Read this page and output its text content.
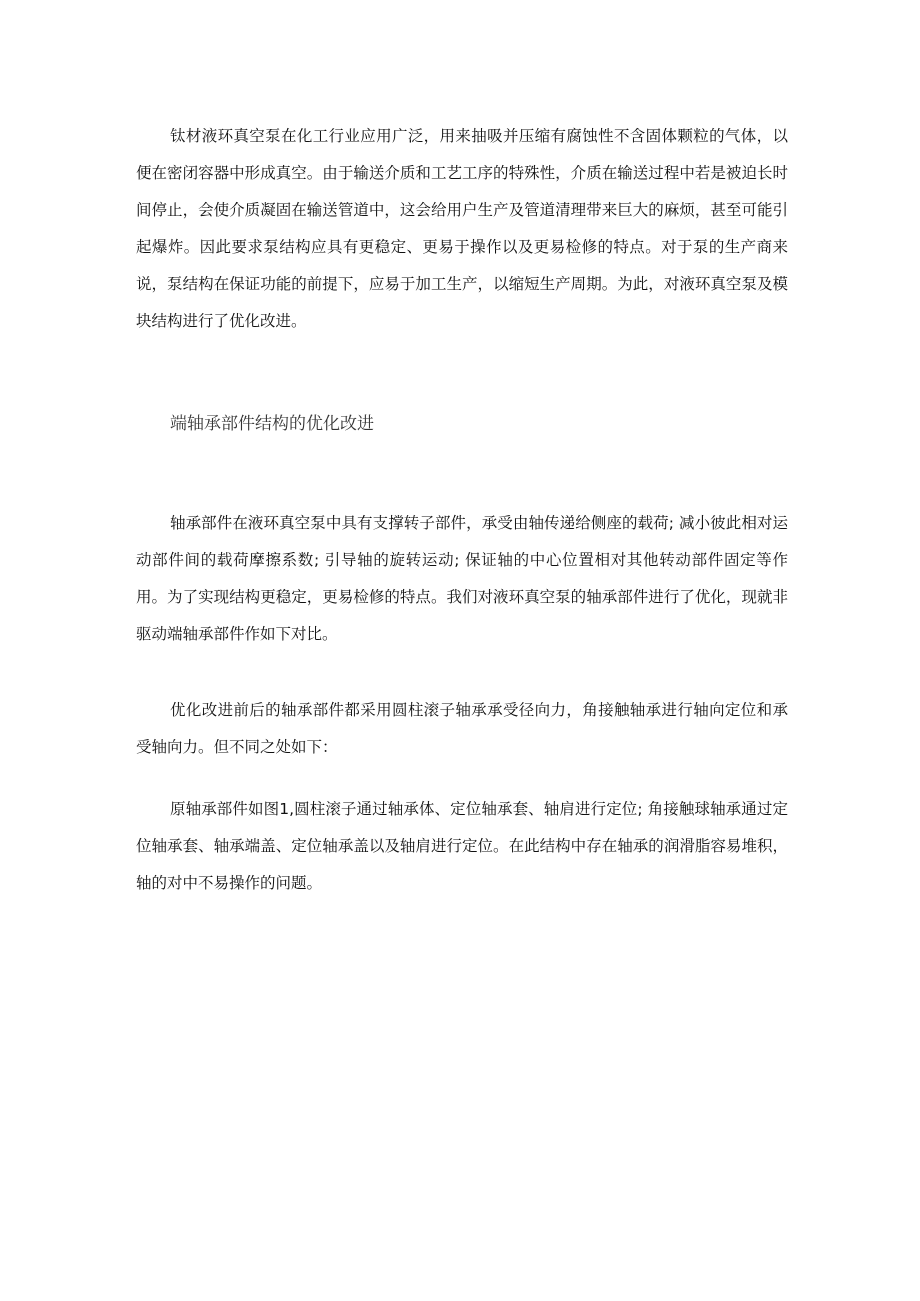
钛材液环真空泵在化工行业应用广泛，用来抽吸并压缩有腐蚀性不含固体颗粒的气体，以便在密闭容器中形成真空。由于输送介质和工艺工序的特殊性，介质在输送过程中若是被迫长时间停止，会使介质凝固在输送管道中，这会给用户生产及管道清理带来巨大的麻烦，甚至可能引起爆炸。因此要求泵结构应具有更稳定、更易于操作以及更易检修的特点。对于泵的生产商来说，泵结构在保证功能的前提下，应易于加工生产，以缩短生产周期。为此，对液环真空泵及模块结构进行了优化改进。

端轴承部件结构的优化改进

轴承部件在液环真空泵中具有支撑转子部件，承受由轴传递给侧座的载荷; 减小彼此相对运动部件间的载荷摩擦系数; 引导轴的旋转运动; 保证轴的中心位置相对其他转动部件固定等作用。为了实现结构更稳定，更易检修的特点。我们对液环真空泵的轴承部件进行了优化，现就非驱动端轴承部件作如下对比。

优化改进前后的轴承部件都采用圆柱滚子轴承承受径向力，角接触轴承进行轴向定位和承受轴向力。但不同之处如下：

原轴承部件如图1,圆柱滚子通过轴承体、定位轴承套、轴肩进行定位; 角接触球轴承通过定位轴承套、轴承端盖、定位轴承盖以及轴肩进行定位。在此结构中存在轴承的润滑脂容易堆积，轴的对中不易操作的问题。
